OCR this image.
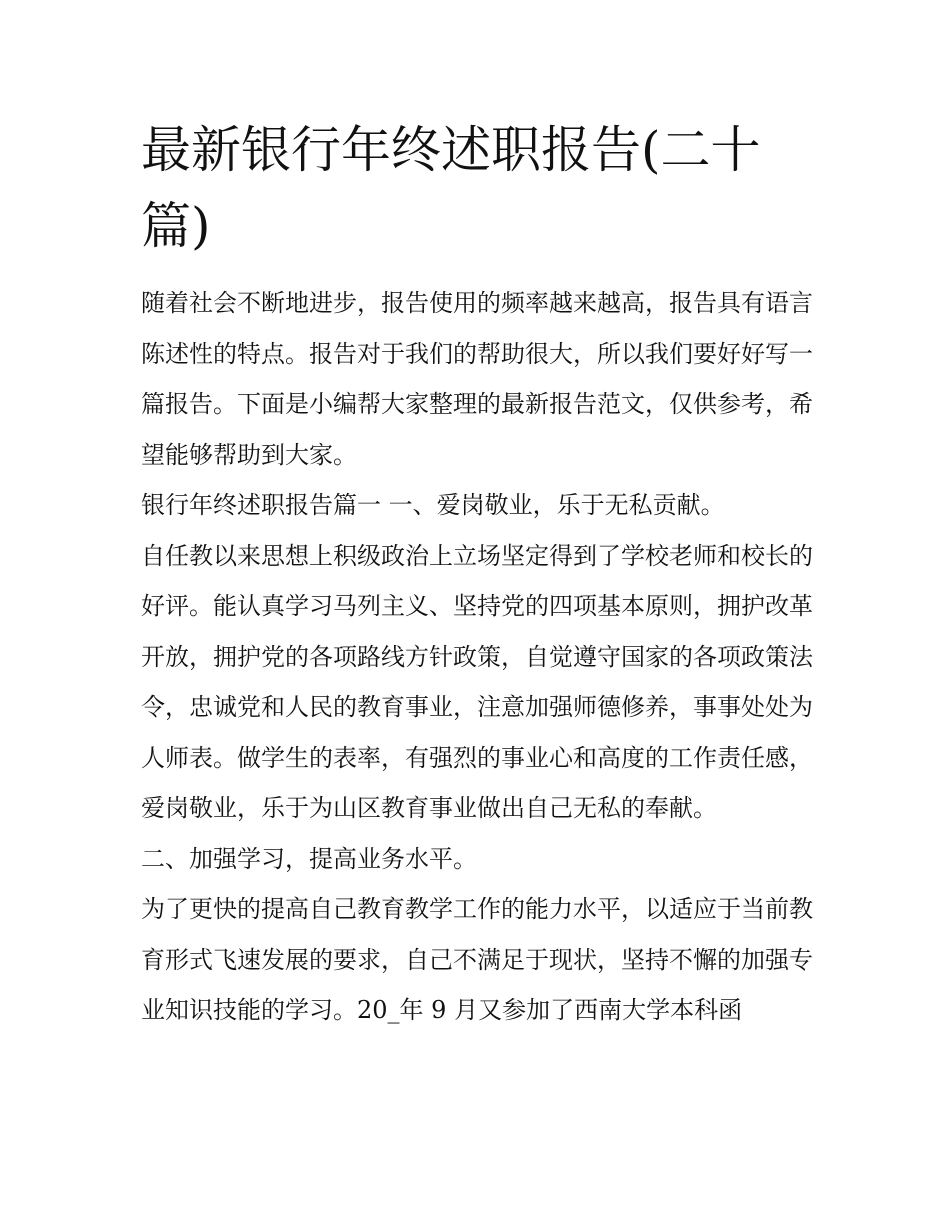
最新银行年终述职报告(二十篇)

随着社会不断地进步，报告使用的频率越来越高，报告具有语言陈述性的特点。报告对于我们的帮助很大，所以我们要好好写一篇报告。下面是小编帮大家整理的最新报告范文，仅供参考，希望能够帮助到大家。

银行年终述职报告篇一 一、爱岗敬业，乐于无私贡献。

自任教以来思想上积级政治上立场坚定得到了学校老师和校长的好评。能认真学习马列主义、坚持党的四项基本原则，拥护改革开放，拥护党的各项路线方针政策，自觉遵守国家的各项政策法令，忠诚党和人民的教育事业，注意加强师德修养，事事处处为人师表。做学生的表率，有强烈的事业心和高度的工作责任感，爱岗敬业，乐于为山区教育事业做出自己无私的奉献。

二、加强学习，提高业务水平。

为了更快的提高自己教育教学工作的能力水平，以适应于当前教育形式飞速发展的要求，自己不满足于现状，坚持不懈的加强专业知识技能的学习。20_年 9 月又参加了西南大学本科函
